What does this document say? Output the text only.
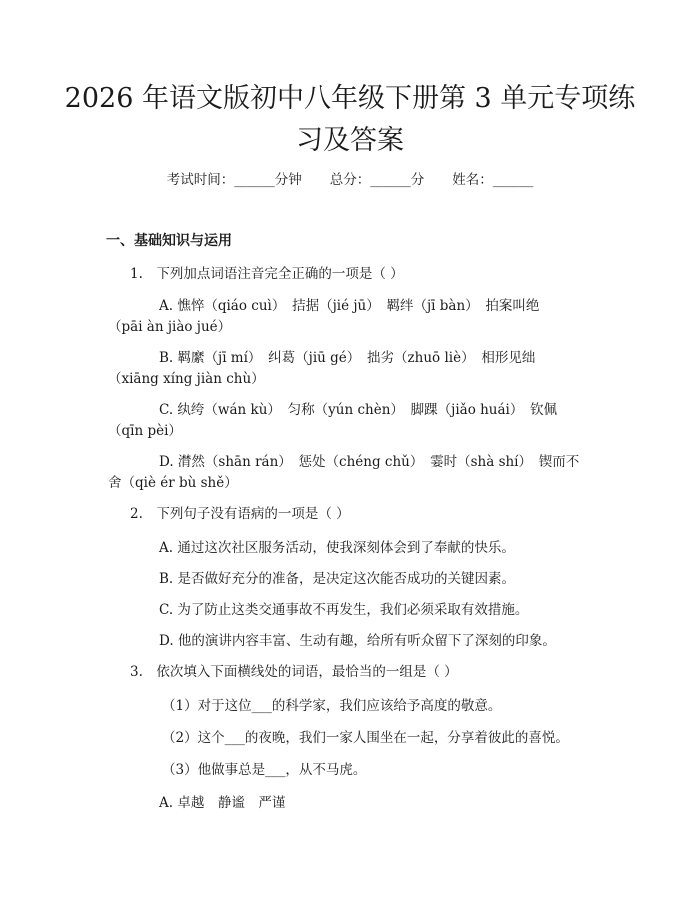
2026 年语文版初中八年级下册第 3 单元专项练习及答案
考试时间：______分钟 总分：______分 姓名：______
一、基础知识与运用
1.　下列加点词语注音完全正确的一项是（ ）
A. 憔悴（qiáo cuì）　拮据（jié jū）　羁绊（jī bàn）　拍案叫绝
（pāi àn jiào jué）
B. 羁縻（jī mí）　纠葛（jiū gé）　拙劣（zhuō liè）　相形见绌
（xiāng xíng jiàn chù）
C. 纨绔（wán kù）　匀称（yún chèn）　脚踝（jiǎo huái）　钦佩
（qīn pèi）
D. 潸然（shān rán）　惩处（chéng chǔ）　霎时（shà shí）　锲而不
舍（qiè ér bù shě）
2.　下列句子没有语病的一项是（ ）
A. 通过这次社区服务活动，使我深刻体会到了奉献的快乐。
B. 是否做好充分的准备，是决定这次能否成功的关键因素。
C. 为了防止这类交通事故不再发生，我们必须采取有效措施。
D. 他的演讲内容丰富、生动有趣，给所有听众留下了深刻的印象。
3.　依次填入下面横线处的词语，最恰当的一组是（ ）
（1）对于这位___的科学家，我们应该给予高度的敬意。
（2）这个___的夜晚，我们一家人围坐在一起，分享着彼此的喜悦。
（3）他做事总是___，从不马虎。
A. 卓越　静谧　严谨
